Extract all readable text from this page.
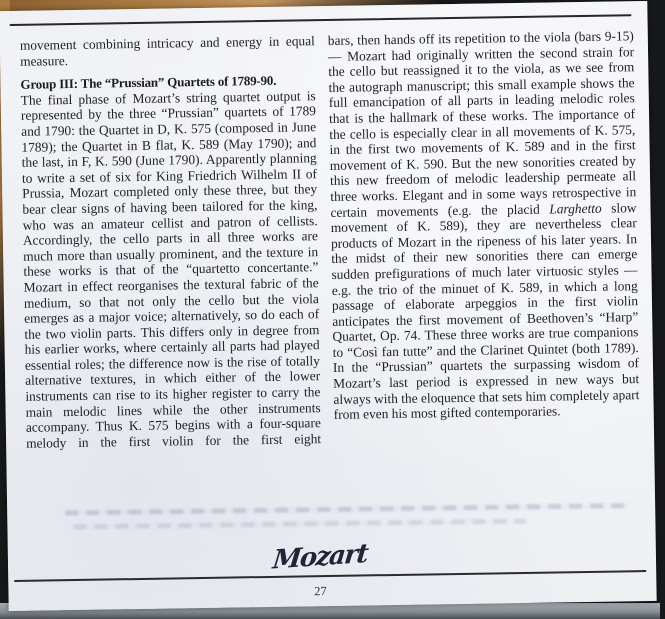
movement combining intricacy and energy in equal measure.

Group III: The “Prussian” Quartets of 1789-90.

The final phase of Mozart’s string quartet output is represented by the three “Prussian” quartets of 1789 and 1790: the Quartet in D, K. 575 (composed in June 1789); the Quartet in B flat, K. 589 (May 1790); and the last, in F, K. 590 (June 1790). Apparently planning to write a set of six for King Friedrich Wilhelm II of Prussia, Mozart completed only these three, but they bear clear signs of having been tailored for the king, who was an amateur cellist and patron of cellists. Accordingly, the cello parts in all three works are much more than usually prominent, and the texture in these works is that of the “quartetto concertante.” Mozart in effect reorganises the textural fabric of the medium, so that not only the cello but the viola emerges as a major voice; alternatively, so do each of the two violin parts. This differs only in degree from his earlier works, where certainly all parts had played essential roles; the difference now is the rise of totally alternative textures, in which either of the lower instruments can rise to its higher register to carry the main melodic lines while the other instruments accompany. Thus K. 575 begins with a four-square melody in the first violin for the first eight

bars, then hands off its repetition to the viola (bars 9-15) — Mozart had originally written the second strain for the cello but reassigned it to the viola, as we see from the autograph manuscript; this small example shows the full emancipation of all parts in leading melodic roles that is the hallmark of these works. The importance of the cello is especially clear in all movements of K. 575, in the first two movements of K. 589 and in the first movement of K. 590. But the new sonorities created by this new freedom of melodic leadership permeate all three works. Elegant and in some ways retrospective in certain movements (e.g. the placid Larghetto slow movement of K. 589), they are nevertheless clear products of Mozart in the ripeness of his later years. In the midst of their new sonorities there can emerge sudden prefigurations of much later virtuosic styles — e.g. the trio of the minuet of K. 589, in which a long passage of elaborate arpeggios in the first violin anticipates the first movement of Beethoven’s “Harp” Quartet, Op. 74. These three works are true companions to “Così fan tutte” and the Clarinet Quintet (both 1789). In the “Prussian” quartets the surpassing wisdom of Mozart’s last period is expressed in new ways but always with the eloquence that sets him completely apart from even his most gifted contemporaries.

Mozart
27
